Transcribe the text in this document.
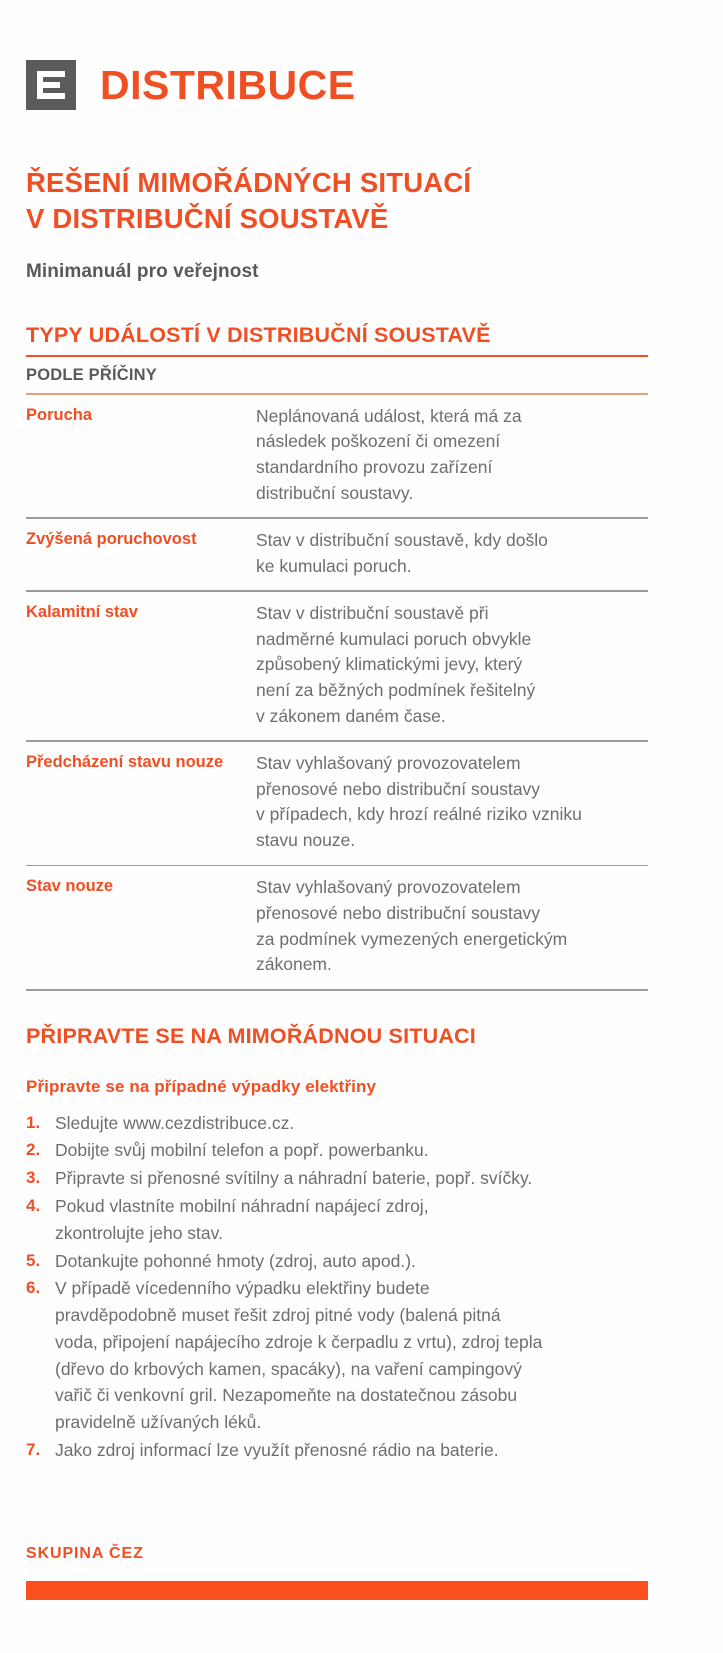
DISTRIBUCE
ŘEŠENÍ MIMOŘÁDNÝCH SITUACÍ
V DISTRIBUČNÍ SOUSTAVĚ
Minimanuál pro veřejnost
TYPY UDÁLOSTÍ V DISTRIBUČNÍ SOUSTAVĚ
PODLE PŘÍČINY
Porucha	Neplánovaná událost, která má za
následek poškození či omezení
standardního provozu zařízení
distribuční soustavy.
Zvýšená poruchovost	Stav v distribuční soustavě, kdy došlo
ke kumulaci poruch.
Kalamitní stav	Stav v distribuční soustavě při
nadměrné kumulaci poruch obvykle
způsobený klimatickými jevy, který
není za běžných podmínek řešitelný
v zákonem daném čase.
Předcházení stavu nouze	Stav vyhlašovaný provozovatelem
přenosové nebo distribuční soustavy
v případech, kdy hrozí reálné riziko vzniku
stavu nouze.
Stav nouze	Stav vyhlašovaný provozovatelem
přenosové nebo distribuční soustavy
za podmínek vymezených energetickým
zákonem.
PŘIPRAVTE SE NA MIMOŘÁDNOU SITUACI
Připravte se na případné výpadky elektřiny
1. Sledujte www.cezdistribuce.cz.
2. Dobijte svůj mobilní telefon a popř. powerbanku.
3. Připravte si přenosné svítilny a náhradní baterie, popř. svíčky.
4. Pokud vlastníte mobilní náhradní napájecí zdroj,
zkontrolujte jeho stav.
5. Dotankujte pohonné hmoty (zdroj, auto apod.).
6. V případě vícedenního výpadku elektřiny budete
pravděpodobně muset řešit zdroj pitné vody (balená pitná
voda, připojení napájecího zdroje k čerpadlu z vrtu), zdroj tepla
(dřevo do krbových kamen, spacáky), na vaření campingový
vařič či venkovní gril. Nezapomeňte na dostatečnou zásobu
pravidelně užívaných léků.
7. Jako zdroj informací lze využít přenosné rádio na baterie.
SKUPINA ČEZ
